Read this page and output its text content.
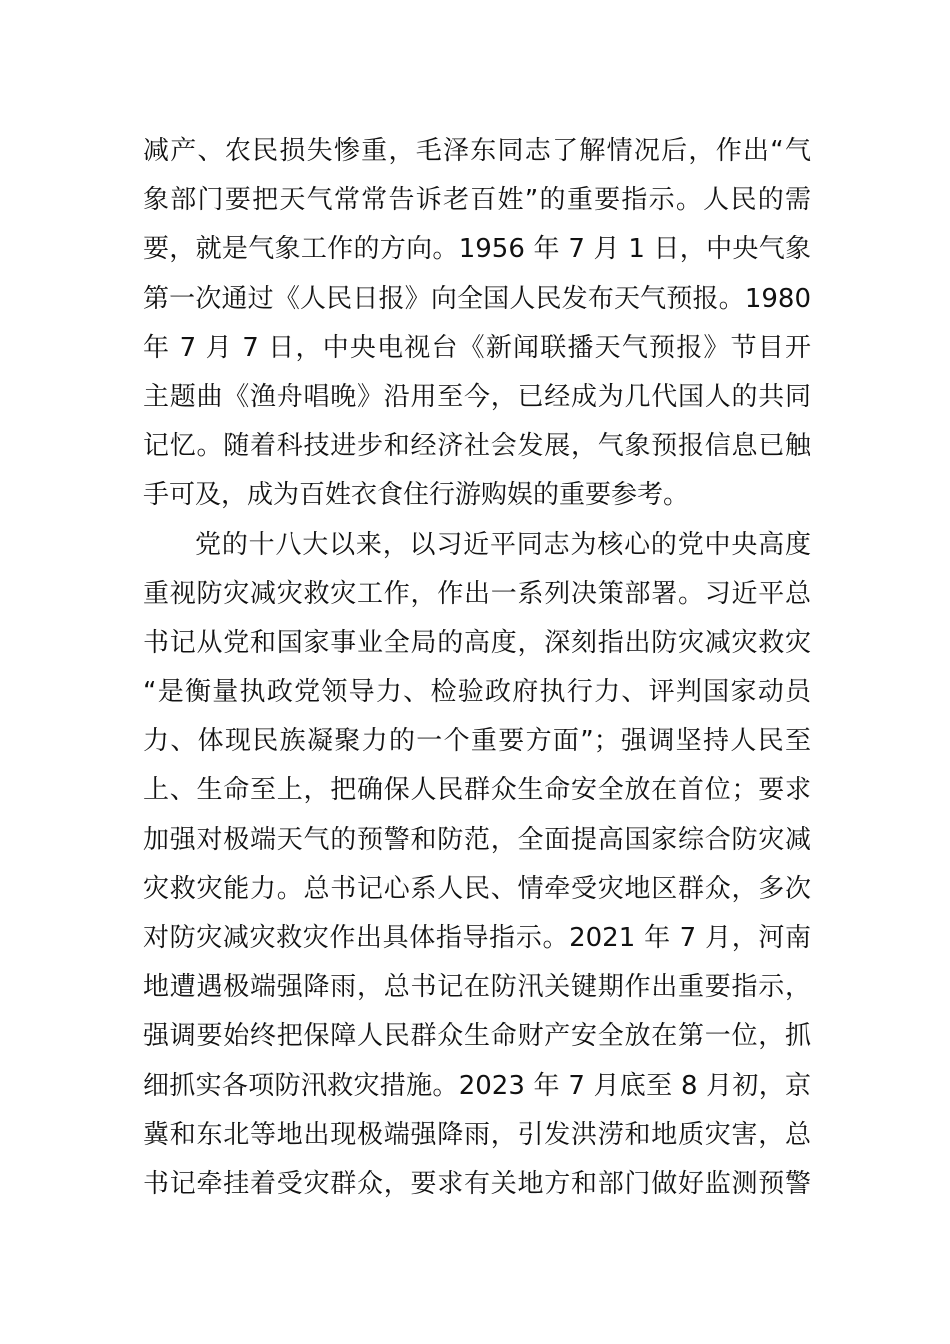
减产、农民损失惨重，毛泽东同志了解情况后，作出“气
象部门要把天气常常告诉老百姓”的重要指示。人民的需
要，就是气象工作的方向。1956 年 7 月 1 日，中央气象
第一次通过《人民日报》向全国人民发布天气预报。1980
年 7 月 7 日，中央电视台《新闻联播天气预报》节目开
主题曲《渔舟唱晚》沿用至今，已经成为几代国人的共同
记忆。随着科技进步和经济社会发展，气象预报信息已触
手可及，成为百姓衣食住行游购娱的重要参考。
党的十八大以来，以习近平同志为核心的党中央高度
重视防灾减灾救灾工作，作出一系列决策部署。习近平总
书记从党和国家事业全局的高度，深刻指出防灾减灾救灾
“是衡量执政党领导力、检验政府执行力、评判国家动员
力、体现民族凝聚力的一个重要方面”；强调坚持人民至
上、生命至上，把确保人民群众生命安全放在首位；要求
加强对极端天气的预警和防范，全面提高国家综合防灾减
灾救灾能力。总书记心系人民、情牵受灾地区群众，多次
对防灾减灾救灾作出具体指导指示。2021 年 7 月，河南
地遭遇极端强降雨，总书记在防汛关键期作出重要指示，
强调要始终把保障人民群众生命财产安全放在第一位，抓
细抓实各项防汛救灾措施。2023 年 7 月底至 8 月初，京
冀和东北等地出现极端强降雨，引发洪涝和地质灾害，总
书记牵挂着受灾群众，要求有关地方和部门做好监测预警
